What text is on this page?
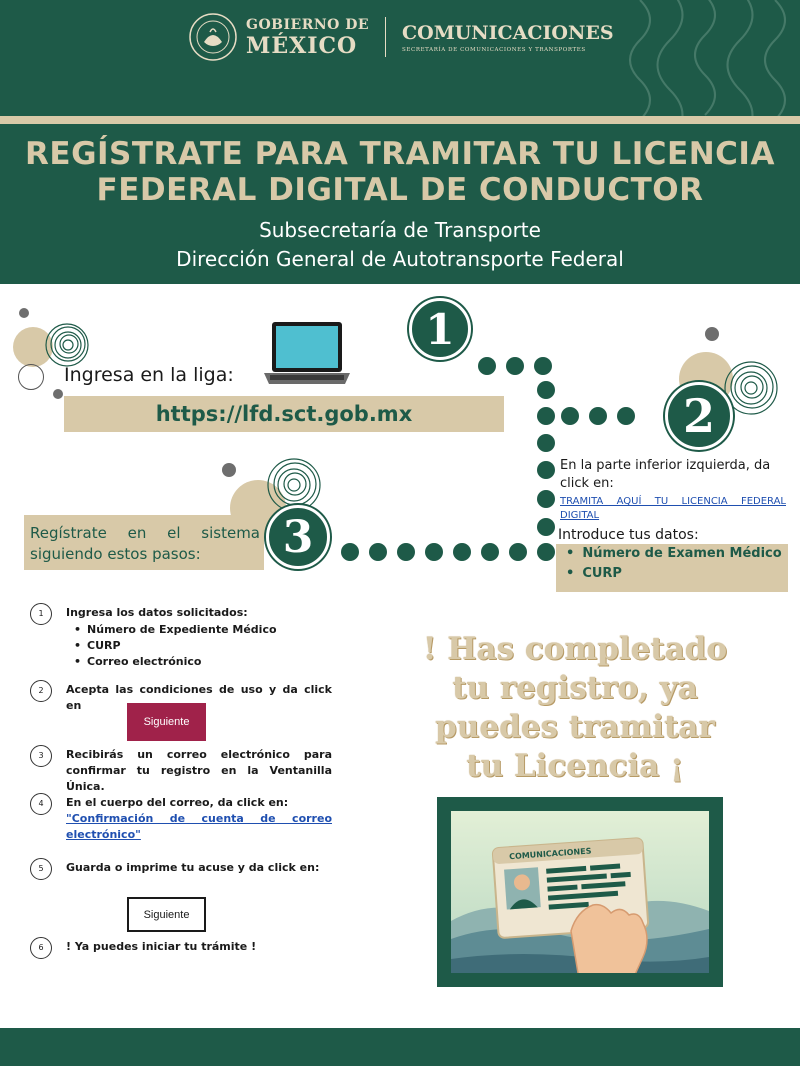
GOBIERNO DE
MÉXICO	COMUNICACIONES
SECRETARÍA DE COMUNICACIONES Y TRANSPORTES
REGÍSTRATE PARA TRAMITAR TU LICENCIA
FEDERAL DIGITAL DE CONDUCTOR
Subsecretaría de Transporte
Dirección General de Autotransporte Federal
1
Ingresa en la liga:
https://lfd.sct.gob.mx	2
En la parte inferior izquierda, da click en:
TRAMITA AQUÍ TU LICENCIA FEDERAL DIGITAL
Introduce tus datos:
• Número de Examen Médico
• CURP
Regístrate en el sistema siguiendo estos pasos:	3
1	Ingresa los datos solicitados:
• Número de Expediente Médico
• CURP
• Correo electrónico
2	Acepta las condiciones de uso y da click en
Siguiente
3	Recibirás un correo electrónico para confirmar tu registro en la Ventanilla Única.
4	En el cuerpo del correo, da click en:
"Confirmación de cuenta de correo electrónico"
5	Guarda o imprime tu acuse y da click en:
Siguiente
6	! Ya puedes iniciar tu trámite !
! Has completado
tu registro, ya
puedes tramitar
tu Licencia ¡
COMUNICACIONES
